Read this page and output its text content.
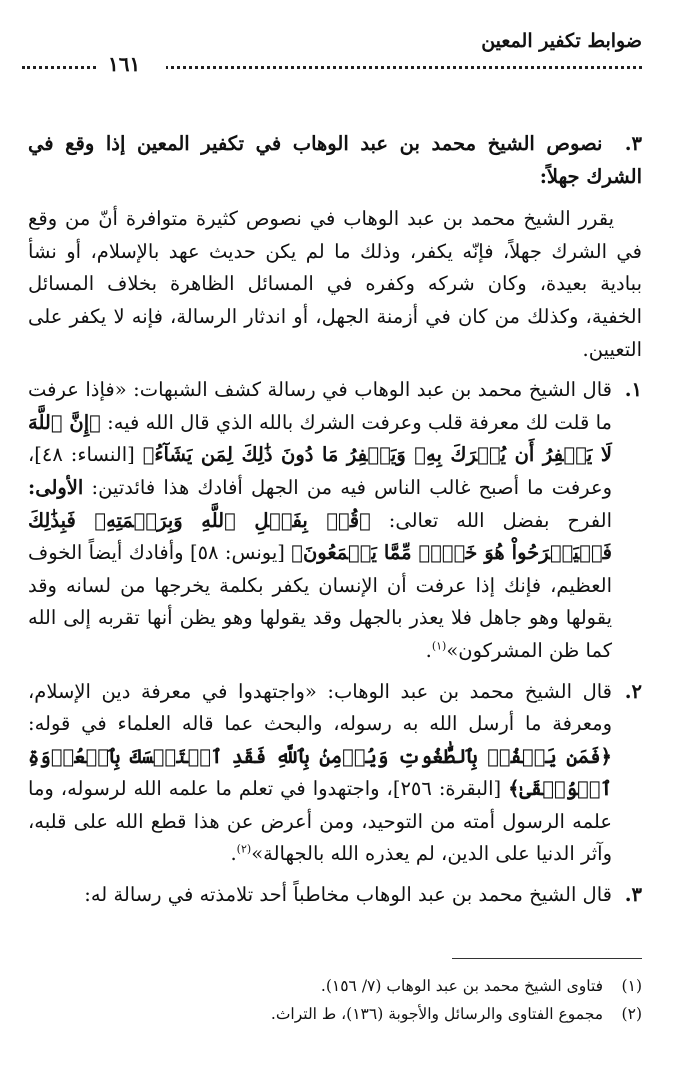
ضوابط تكفير المعين
١٦١

٣. نصوص الشيخ محمد بن عبد الوهاب في تكفير المعين إذا وقع في الشرك جهلاً:

يقرر الشيخ محمد بن عبد الوهاب في نصوص كثيرة متوافرة أنّ من وقع في الشرك جهلاً، فإنّه يكفر، وذلك ما لم يكن حديث عهد بالإسلام، أو نشأ ببادية بعيدة، وكان شركه وكفره في المسائل الظاهرة بخلاف المسائل الخفية، وكذلك من كان في أزمنة الجهل، أو اندثار الرسالة، فإنه لا يكفر على التعيين.

١.
قال الشيخ محمد بن عبد الوهاب في رسالة كشف الشبهات: «فإذا عرفت ما قلت لك معرفة قلب وعرفت الشرك بالله الذي قال الله فيه: ﴿إِنَّ ٱللَّهَ لَا يَغۡفِرُ أَن يُشۡرَكَ بِهِۦ وَيَغۡفِرُ مَا دُونَ ذَٰلِكَ لِمَن يَشَآءُ﴾ [النساء: ٤٨]، وعرفت ما أصبح غالب الناس فيه من الجهل أفادك هذا فائدتين: الأولى: الفرح بفضل الله تعالى: ﴿قُلۡ بِفَضۡلِ ٱللَّهِ وَبِرَحۡمَتِهِۦ فَبِذَٰلِكَ فَلۡيَفۡرَحُواْ هُوَ خَيۡرٞ مِّمَّا يَجۡمَعُونَ﴾ [يونس: ٥٨] وأفادك أيضاً الخوف العظيم، فإنك إذا عرفت أن الإنسان يكفر بكلمة يخرجها من لسانه وقد يقولها وهو جاهل فلا يعذر بالجهل وقد يقولها وهو يظن أنها تقربه إلى الله كما ظن المشركون»$^{(١)}$.

٢.
قال الشيخ محمد بن عبد الوهاب: «واجتهدوا في معرفة دين الإسلام، ومعرفة ما أرسل الله به رسوله، والبحث عما قاله العلماء في قوله: ﴿فَمَن يَكۡفُرۡ بِٱلطَّٰغُوتِ وَيُؤۡمِنۢ بِٱللَّهِ فَقَدِ ٱسۡتَمۡسَكَ بِٱلۡعُرۡوَةِ ٱلۡوُثۡقَىٰ﴾ [البقرة: ٢٥٦]، واجتهدوا في تعلم ما علمه الله لرسوله، وما علمه الرسول أمته من التوحيد، ومن أعرض عن هذا قطع الله على قلبه، وآثر الدنيا على الدين، لم يعذره الله بالجهالة»$^{(٢)}$.

٣.
قال الشيخ محمد بن عبد الوهاب مخاطباً أحد تلامذته في رسالة له:

(١) فتاوى الشيخ محمد بن عبد الوهاب (٧/ ١٥٦).

(٢) مجموع الفتاوى والرسائل والأجوبة (١٣٦)، ط التراث.
